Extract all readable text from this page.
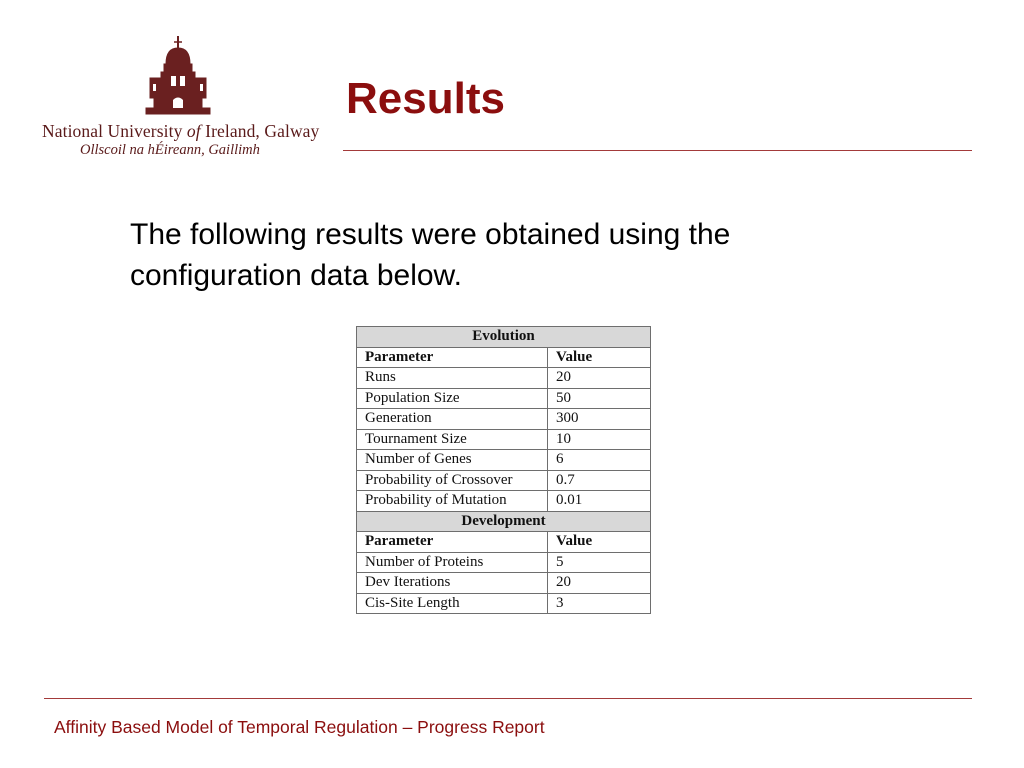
National University of Ireland, Galway
Ollscoil na hÉireann, Gaillimh
Results
The following results were obtained using the configuration data below.
Evolution	
Parameter	Value
Runs	20
Population Size	50
Generation	300
Tournament Size	10
Number of Genes	6
Probability of Crossover	0.7
Probability of Mutation	0.01
Development	
Parameter	Value
Number of Proteins	5
Dev Iterations	20
Cis-Site Length	3
Affinity Based Model of Temporal Regulation – Progress Report
